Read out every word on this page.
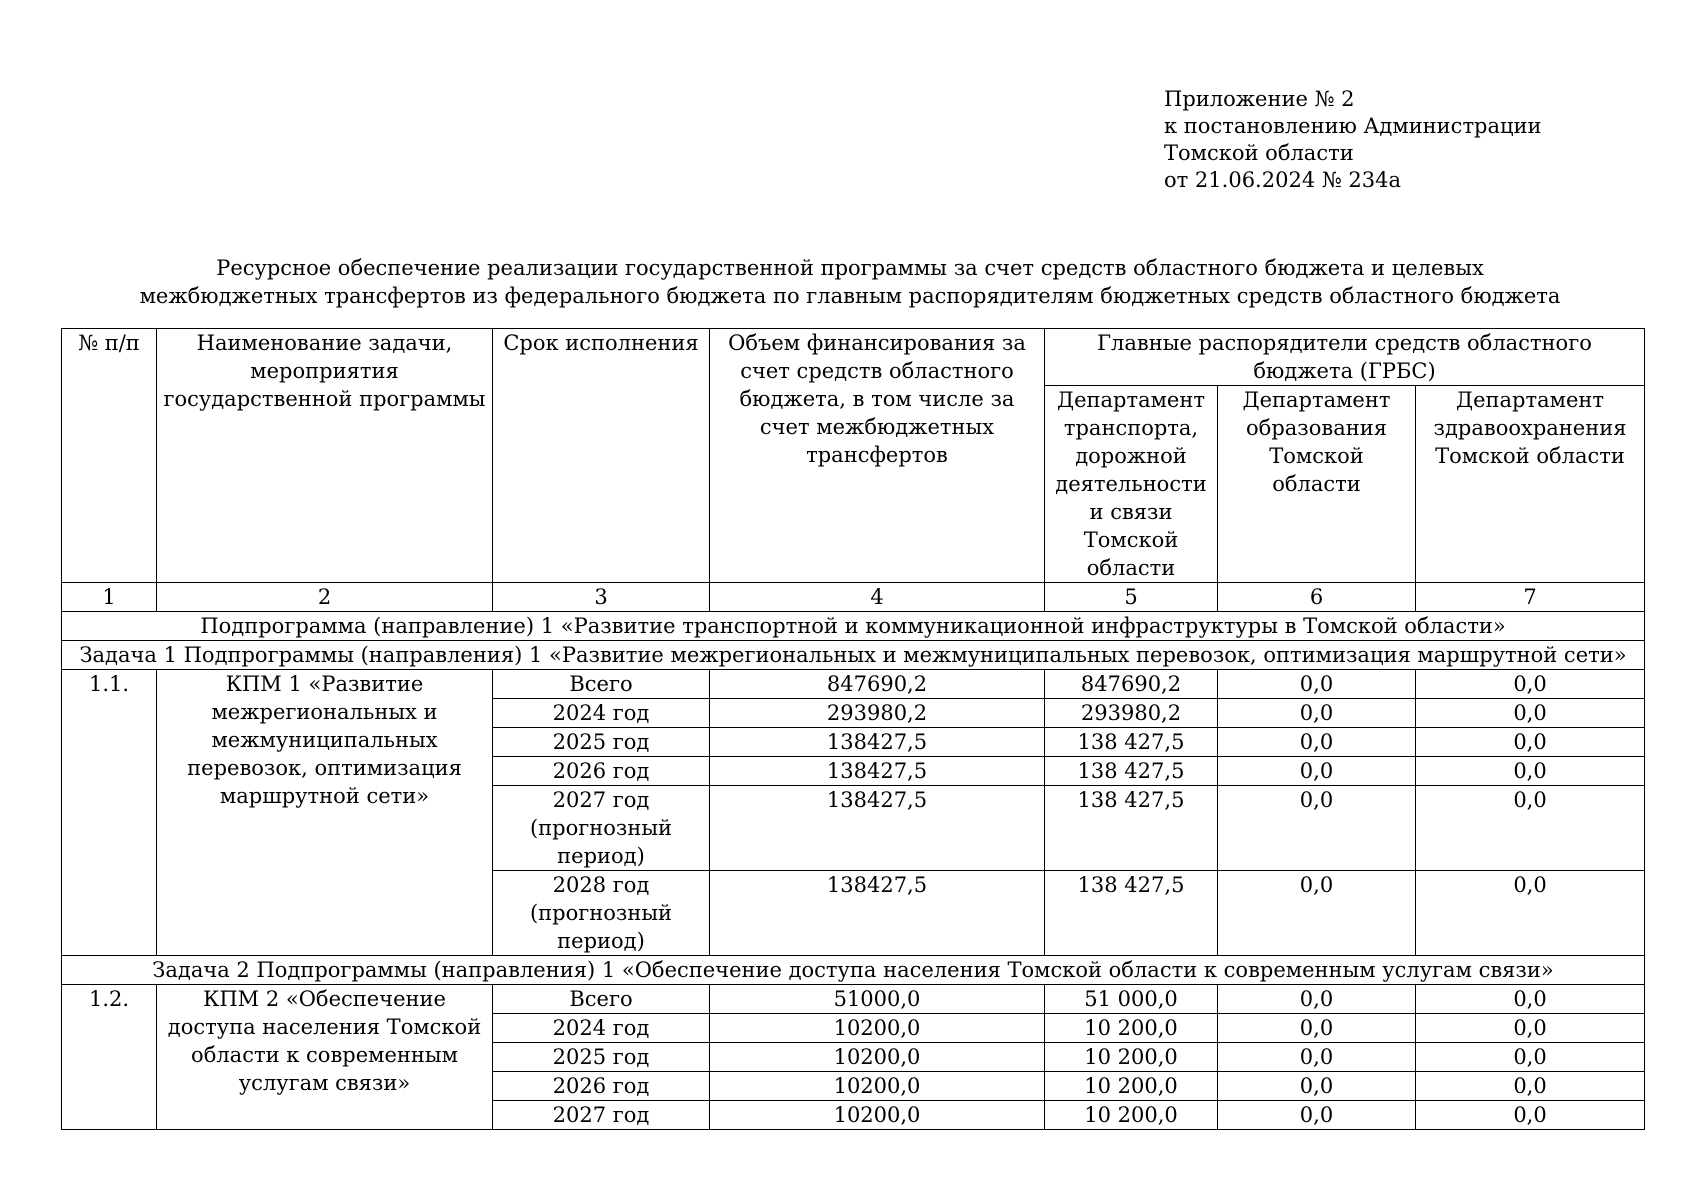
Приложение № 2
к постановлению Администрации
Томской области
от 21.06.2024 № 234а
Ресурсное обеспечение реализации государственной программы за счет средств областного бюджета и целевых
межбюджетных трансфертов из федерального бюджета по главным распорядителям бюджетных средств областного бюджета
№ п/п	Наименование задачи, мероприятия государственной программы	Срок исполнения	Объем финансирования за счет средств областного бюджета, в том числе за счет межбюджетных трансфертов	Главные распорядители средств областного бюджета (ГРБС)		
				Департамент транспорта, дорожной деятельности и связи Томской области	Департамент образования Томской области	Департамент здравоохранения Томской области
1	2	3	4	5	6	7
Подпрограмма (направление) 1 «Развитие транспортной и коммуникационной инфраструктуры в Томской области»						
Задача 1 Подпрограммы (направления) 1 «Развитие межрегиональных и межмуниципальных перевозок, оптимизация маршрутной сети»						
1.1.	КПМ 1 «Развитие межрегиональных и межмуниципальных перевозок, оптимизация маршрутной сети»	Всего	847690,2	847690,2	0,0	0,0
		2024 год	293980,2	293980,2	0,0	0,0
		2025 год	138427,5	138 427,5	0,0	0,0
		2026 год	138427,5	138 427,5	0,0	0,0
		2027 год (прогнозный период)	138427,5	138 427,5	0,0	0,0
		2028 год (прогнозный период)	138427,5	138 427,5	0,0	0,0
Задача 2 Подпрограммы (направления) 1 «Обеспечение доступа населения Томской области к современным услугам связи»						
1.2.	КПМ 2 «Обеспечение доступа населения Томской области к современным услугам связи»	Всего	51000,0	51 000,0	0,0	0,0
		2024 год	10200,0	10 200,0	0,0	0,0
		2025 год	10200,0	10 200,0	0,0	0,0
		2026 год	10200,0	10 200,0	0,0	0,0
		2027 год	10200,0	10 200,0	0,0	0,0
